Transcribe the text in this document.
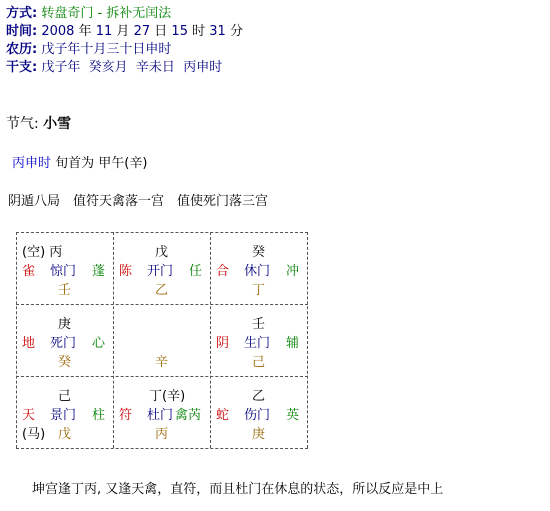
方式: 转盘奇门 - 拆补无闰法
时间: 2008 年 11 月 27 日 15 时 31 分
农历: 戊子年十月三十日申时
干支: 戊子年 癸亥月 辛未日 丙申时
节气: 小雪
丙申时 旬首为 甲午(辛)
阴遁八局　值符天禽落一宫　值使死门落三宫
(空) 丙
雀 惊门 蓬
壬
戊
陈 开门 任
乙
癸
合 休门 冲
丁
庚
地 死门 心
癸	辛
壬
阴 生门 辅
己
己
天 景门 柱
(马) 戊
丁(辛)
符 杜门 禽芮
丙
乙
蛇 伤门 英
庚
坤宫逢丁丙, 又逢天禽，直符，而且杜门在休息的状态，所以反应是中上
